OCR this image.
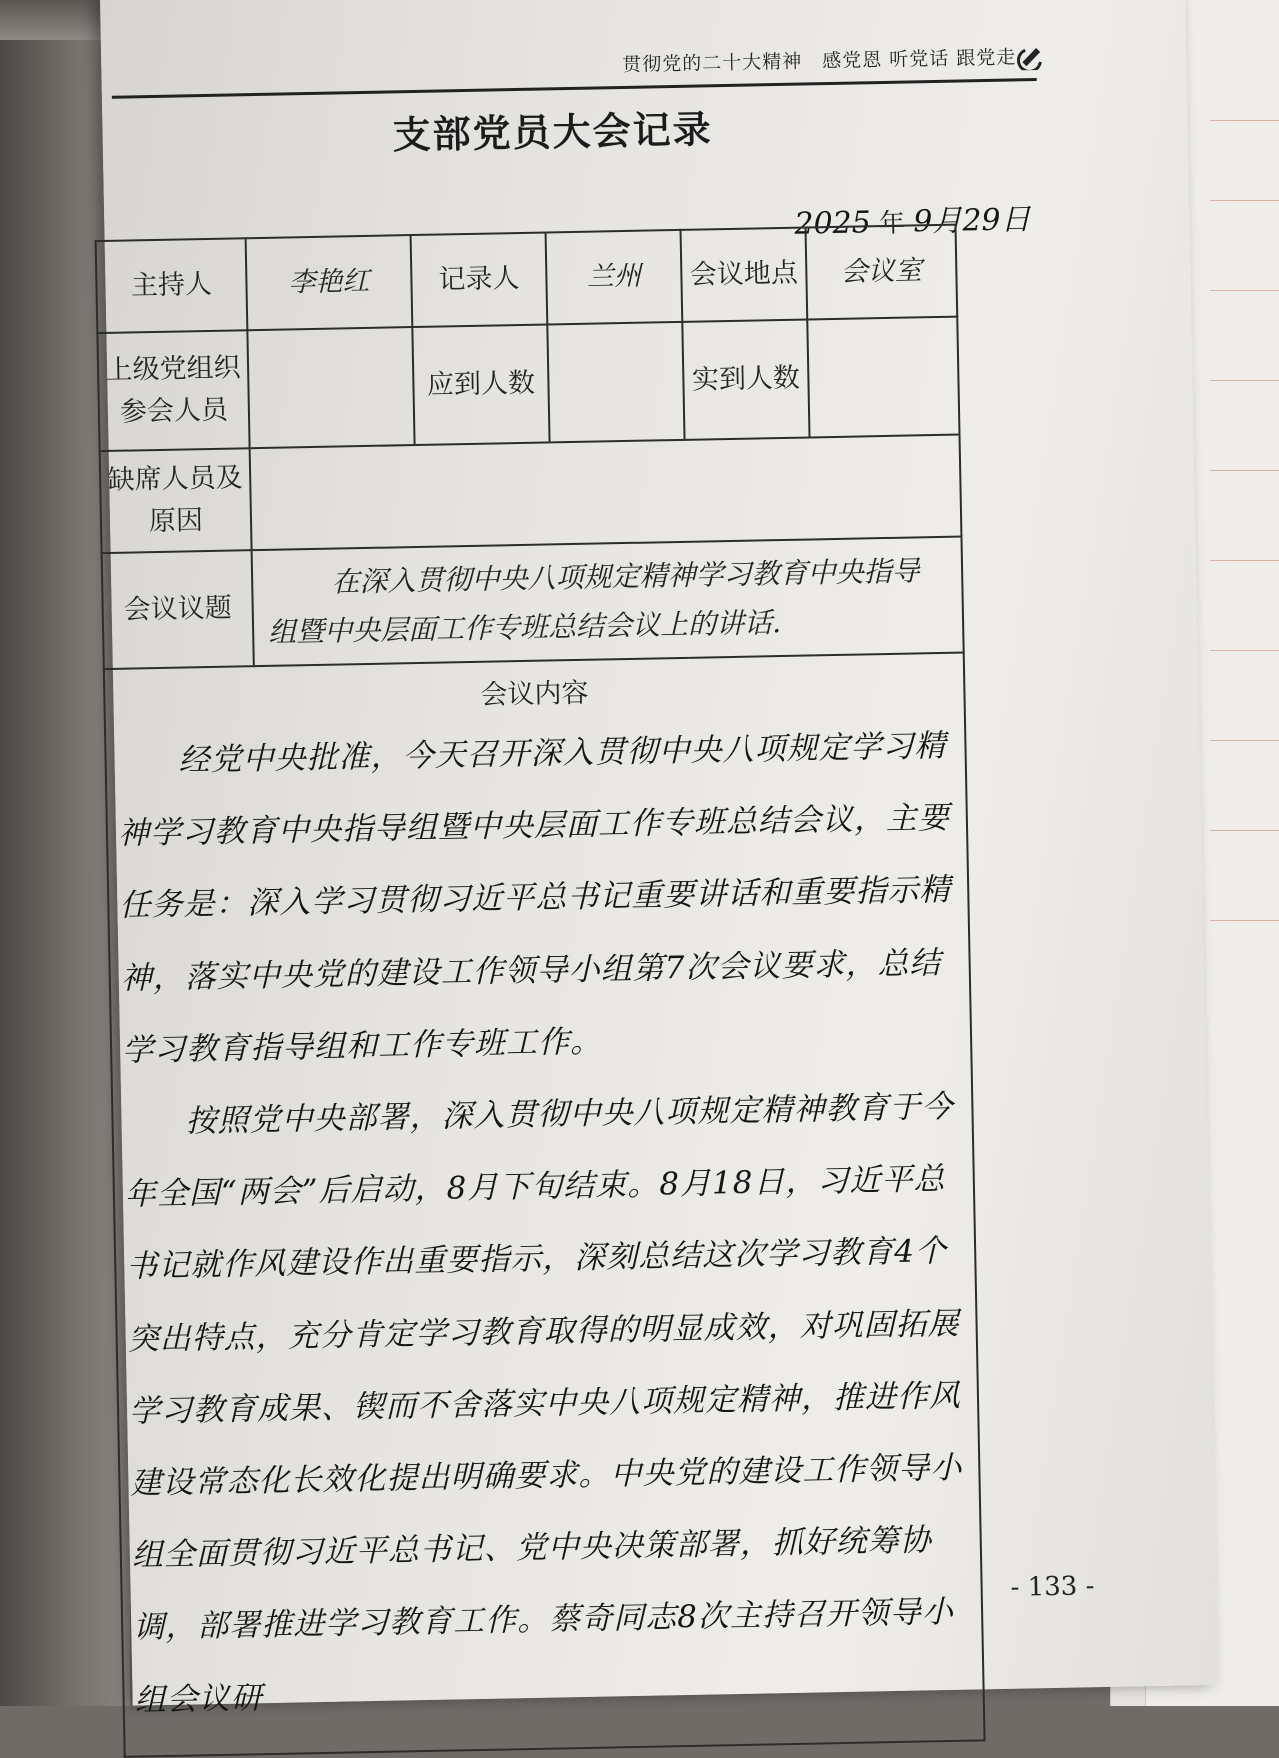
贯彻党的二十大精神　感党恩 听党话 跟党走
支部党员大会记录
2025 年 9月29日
主持人	李艳红	记录人	兰州	会议地点	会议室
上级党组织参会人员		应到人数		实到人数	
缺席人员及原因					
会议议题	在深入贯彻中央八项规定精神学习教育中央指导组暨中央层面工作专班总结会议上的讲话.				

会议内容

经党中央批准，今天召开深入贯彻中央八项规定学习精神学习教育中央指导组暨中央层面工作专班总结会议，主要任务是：深入学习贯彻习近平总书记重要讲话和重要指示精神，落实中央党的建设工作领导小组第7次会议要求，总结学习教育指导组和工作专班工作。

按照党中央部署，深入贯彻中央八项规定精神教育于今年全国“两会”后启动，8月下旬结束。8月18日，习近平总书记就作风建设作出重要指示，深刻总结这次学习教育4个突出特点，充分肯定学习教育取得的明显成效，对巩固拓展学习教育成果、锲而不舍落实中央八项规定精神，推进作风建设常态化长效化提出明确要求。中央党的建设工作领导小组全面贯彻习近平总书记、党中央决策部署，抓好统筹协调，部署推进学习教育工作。蔡奇同志8次主持召开领导小组会议研					

- 133 -
